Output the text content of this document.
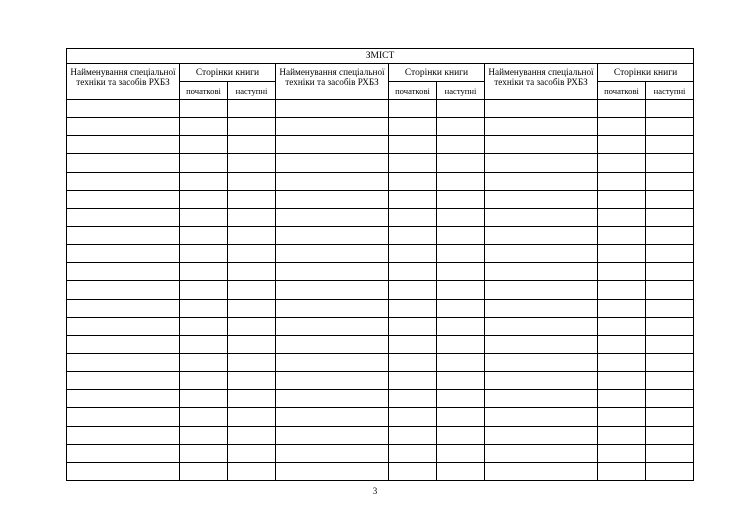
ЗМІСТ								
Найменування спеціальної техніки та засобів РХБЗ	Сторінки книги		Найменування спеціальної техніки та засобів РХБЗ	Сторінки книги		Найменування спеціальної техніки та засобів РХБЗ	Сторінки книги	
	початкові	наступні		початкові	наступні		початкові	наступні

3
